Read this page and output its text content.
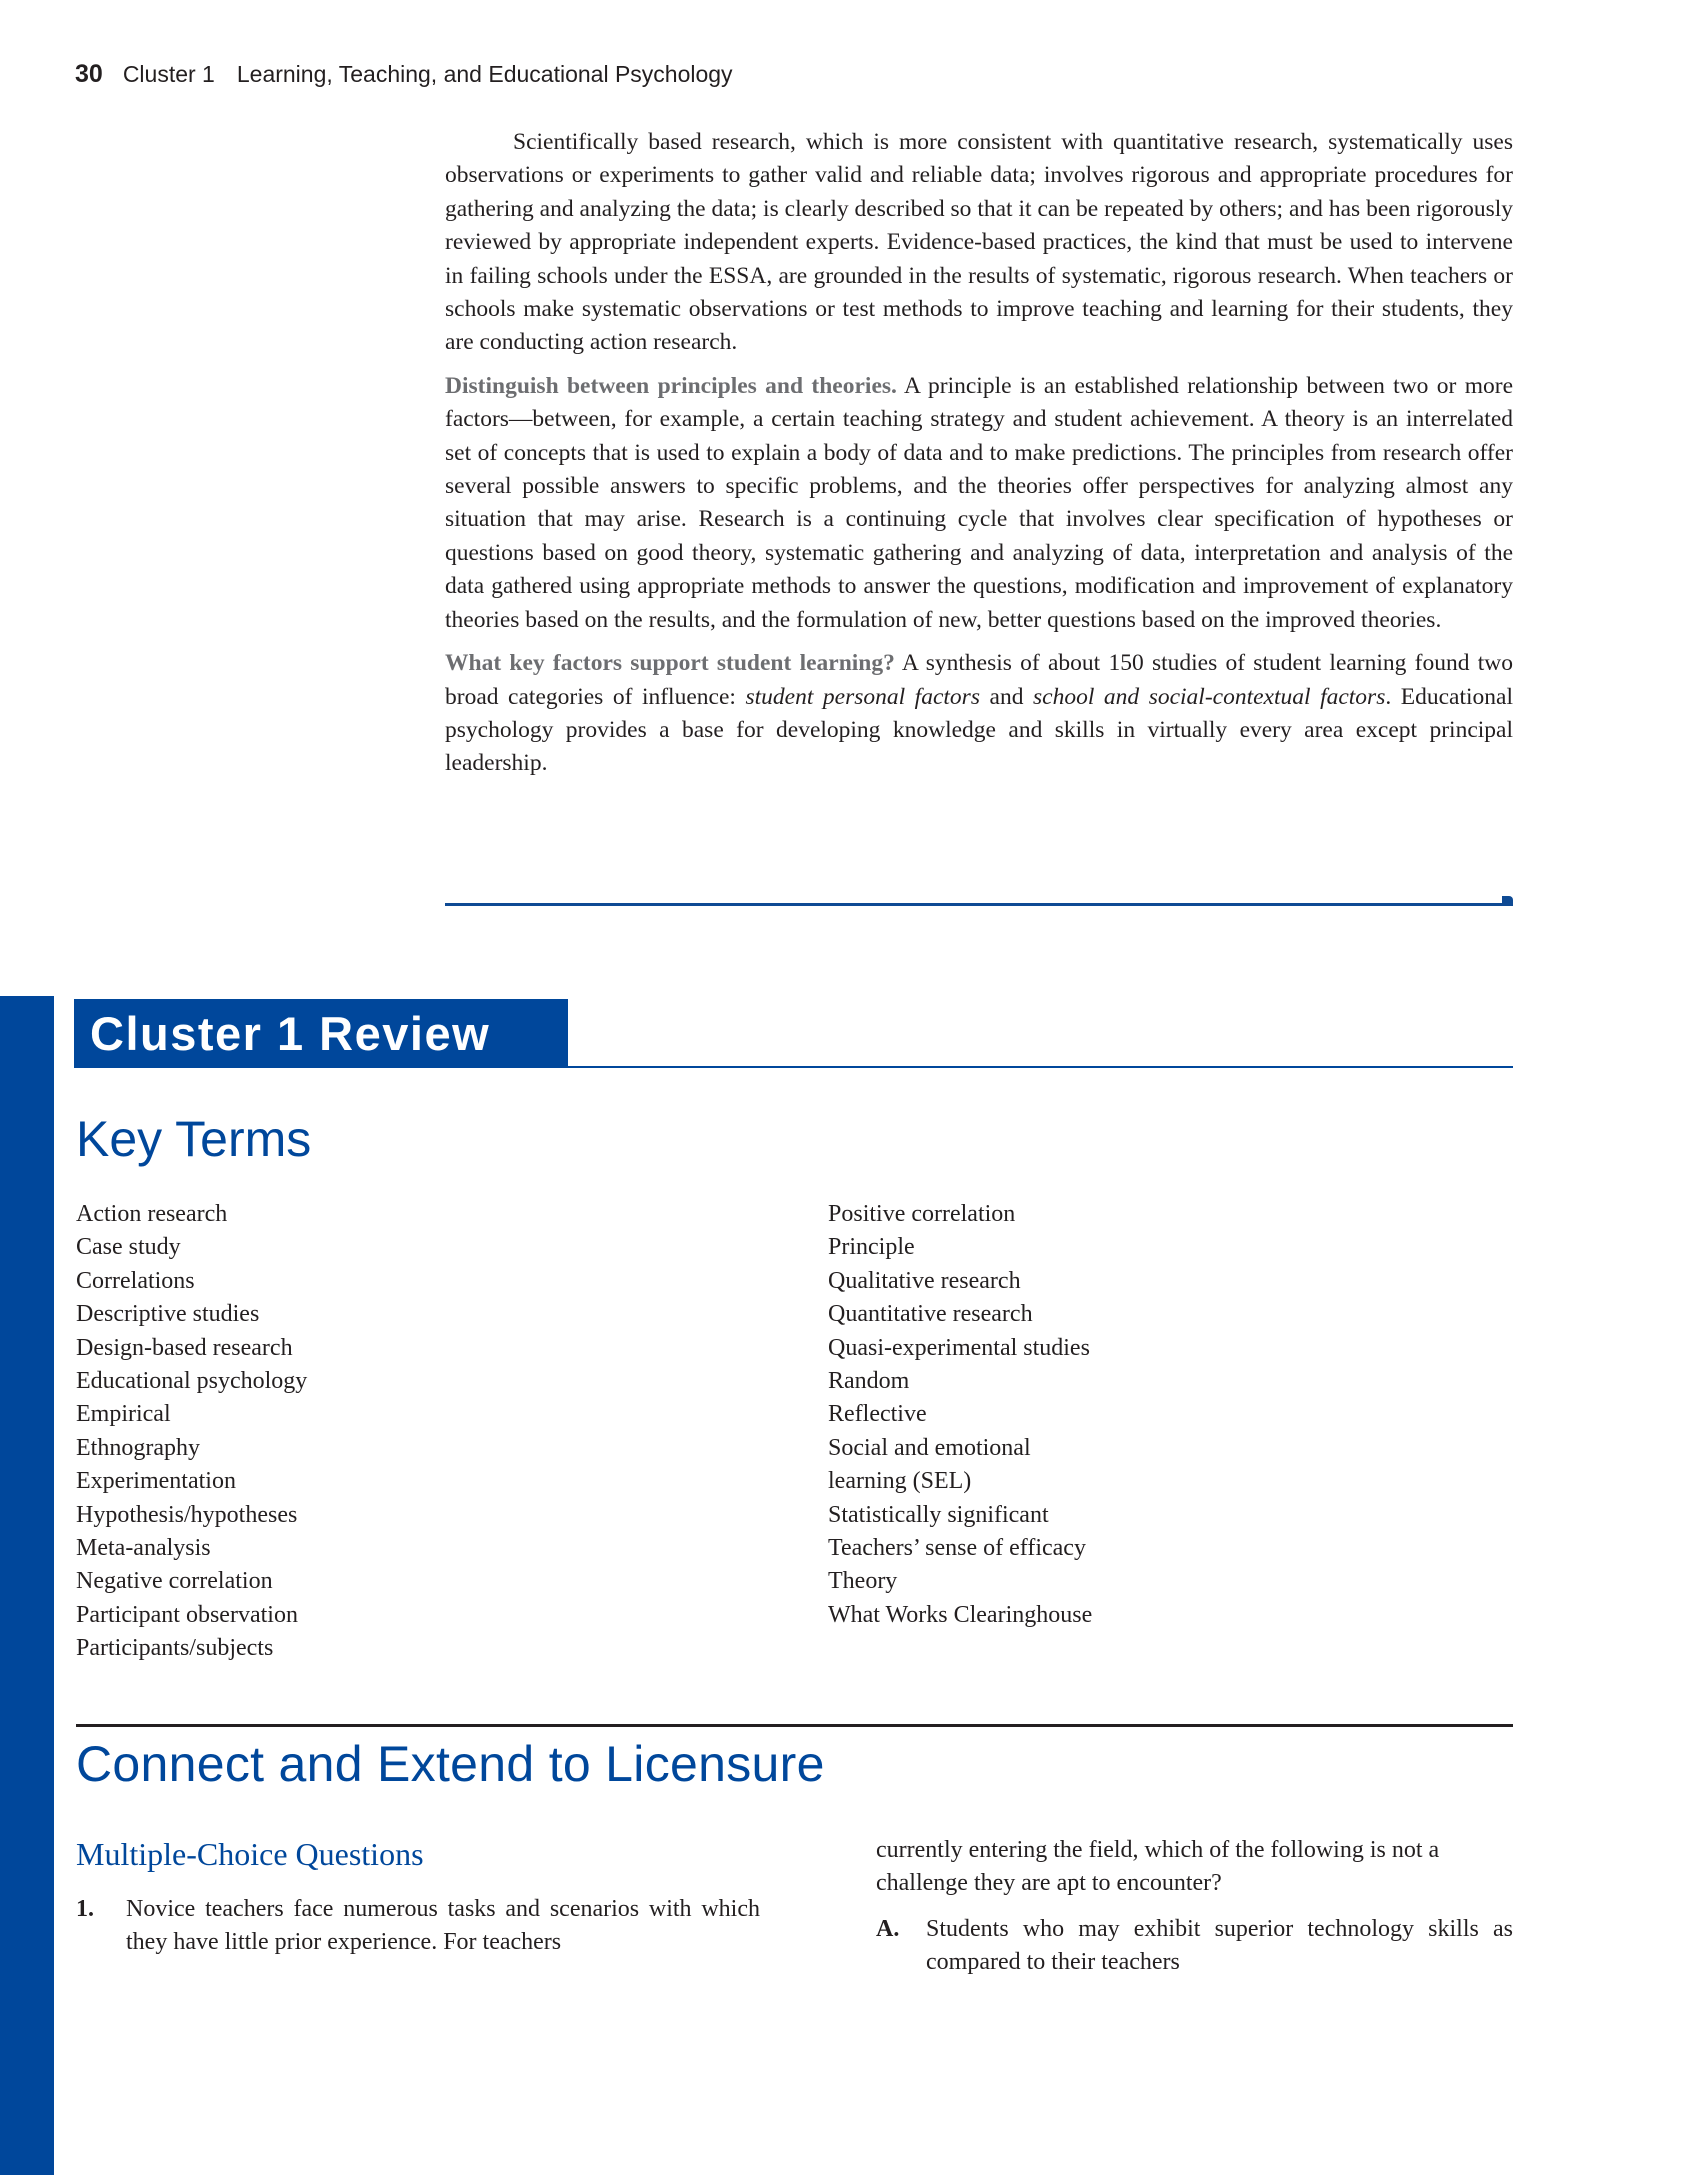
30 Cluster 1 Learning, Teaching, and Educational Psychology

Scientifically based research, which is more consistent with quantitative research, systematically uses observations or experiments to gather valid and reliable data; involves rigorous and appropriate procedures for gathering and analyzing the data; is clearly described so that it can be repeated by others; and has been rigorously reviewed by appropriate independent experts. Evidence-based practices, the kind that must be used to intervene in failing schools under the ESSA, are grounded in the results of systematic, rigorous research. When teachers or schools make systematic observations or test methods to improve teaching and learning for their students, they are conducting action research.

Distinguish between principles and theories. A principle is an established relationship between two or more factors—between, for example, a certain teaching strategy and student achievement. A theory is an interrelated set of concepts that is used to explain a body of data and to make predictions. The principles from research offer several possible answers to specific problems, and the theories offer perspectives for analyzing almost any situation that may arise. Research is a continuing cycle that involves clear specification of hypotheses or questions based on good theory, systematic gathering and analyzing of data, interpretation and analysis of the data gathered using appropriate methods to answer the questions, modification and improvement of explanatory theories based on the results, and the formulation of new, better questions based on the improved theories.

What key factors support student learning? A synthesis of about 150 studies of student learning found two broad categories of influence: student personal factors and school and social-contextual factors. Educational psychology provides a base for developing knowledge and skills in virtually every area except principal leadership.

Cluster 1 Review
Key Terms
Action research
Case study
Correlations
Descriptive studies
Design-based research
Educational psychology
Empirical
Ethnography
Experimentation
Hypothesis/hypotheses
Meta-analysis
Negative correlation
Participant observation
Participants/subjects
Positive correlation
Principle
Qualitative research
Quantitative research
Quasi-experimental studies
Random
Reflective
Social and emotional
learning (SEL)
Statistically significant
Teachers’ sense of efficacy
Theory
What Works Clearinghouse
Connect and Extend to Licensure
Multiple-Choice Questions
1. Novice teachers face numerous tasks and scenarios with which they have little prior experience. For teachers

currently entering the field, which of the following is not a challenge they are apt to encounter?

A. Students who may exhibit superior technology skills as compared to their teachers
